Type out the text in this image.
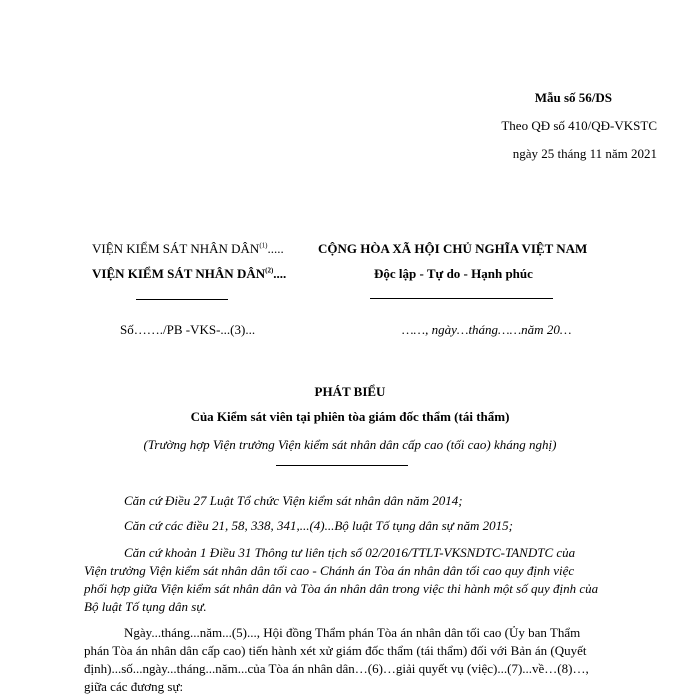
Mẫu số 56/DS
Theo QĐ số 410/QĐ-VKSTC
ngày 25 tháng 11 năm 2021
VIỆN KIỂM SÁT NHÂN DÂN$^{(1)}$.....
VIỆN KIỂM SÁT NHÂN DÂN$^{(2)}$....
Số……./PB -VKS-...(3)...
CỘNG HÒA XÃ HỘI CHỦ NGHĨA VIỆT NAM
Độc lập - Tự do - Hạnh phúc
……, ngày…tháng……năm 20…
PHÁT BIỂU
Của Kiểm sát viên tại phiên tòa giám đốc thẩm (tái thẩm)
(Trường hợp Viện trưởng Viện kiểm sát nhân dân cấp cao (tối cao) kháng nghị)
Căn cứ Điều 27 Luật Tổ chức Viện kiểm sát nhân dân năm 2014;
Căn cứ các điều 21, 58, 338, 341,...(4)...Bộ luật Tố tụng dân sự năm 2015;
Căn cứ khoản 1 Điều 31 Thông tư liên tịch số 02/2016/TTLT-VKSNDTC-TANDTC của
Viện trưởng Viện kiểm sát nhân dân tối cao - Chánh án Tòa án nhân dân tối cao quy định việc
phối hợp giữa Viện kiểm sát nhân dân và Tòa án nhân dân trong việc thi hành một số quy định của
Bộ luật Tố tụng dân sự.
Ngày...tháng...năm...(5)..., Hội đồng Thẩm phán Tòa án nhân dân tối cao (Ủy ban Thẩm
phán Tòa án nhân dân cấp cao) tiến hành xét xử giám đốc thẩm (tái thẩm) đối với Bản án (Quyết
định)...số...ngày...tháng...năm...của Tòa án nhân dân…(6)…giải quyết vụ (việc)...(7)...về…(8)…,
giữa các đương sự:
